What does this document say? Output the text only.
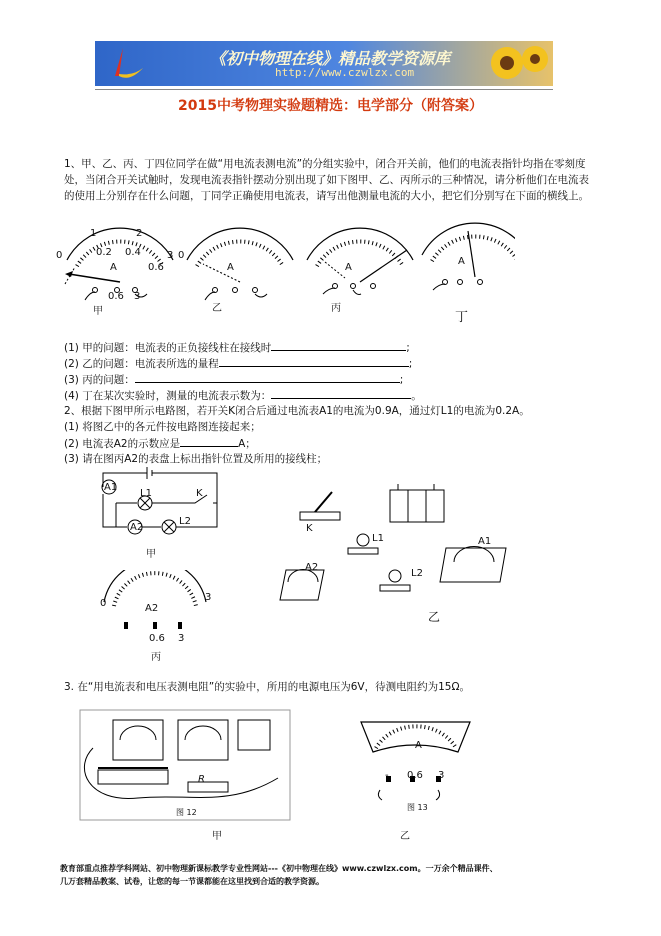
《初中物理在线》精品教学资源库
http://www.czwlzx.com
2015中考物理实验题精选：电学部分（附答案）
1、甲、乙、丙、丁四位同学在做“用电流表测电流”的分组实验中，闭合开关前，他们的电流表指针均指在零刻度处，当闭合开关试触时，发现电流表指针摆动分别出现了如下图甲、乙、丙所示的三种情况，请分析他们在电流表的使用上分别存在什么问题，丁同学正确使用电流表，请写出他测量电流的大小，把它们分别写在下面的横线上。
0
1	2
3
0.2 0.4
0.6
A
0
A	A
A
0.6 3
甲	乙	丙
丁
(1) 甲的问题：电流表的正负接线柱在接线时	;
(2) 乙的问题：电流表所选的量程	;
(3) 丙的问题：	;
(4) 丁在某次实验时，测量的电流表示数为：	。
2、根据下图甲所示电路图，若开关K闭合后通过电流表A1的电流为0.9A，通过灯L1的电流为0.2A。
(1) 将图乙中的各元件按电路图连接起来；
(2) 电流表A2的示数应是	A；
(3) 请在图丙A2的表盘上标出指针位置及所用的接线柱；
A1
L1	K
A2
L2
甲
K
L1
L2
A2
A1
乙
0
3
A2
0.6 3
丙
3. 在“用电流表和电压表测电阻”的实验中，所用的电源电压为6V，待测电阻约为15Ω。
R
图 12
甲
A
- 0.6 3
图 13
乙
教育部重点推荐学科网站、初中物理新课标教学专业性网站---《初中物理在线》www.czwlzx.com。一万余个精品课件、
几万套精品教案、试卷，让您的每一节课都能在这里找到合适的教学资源。
